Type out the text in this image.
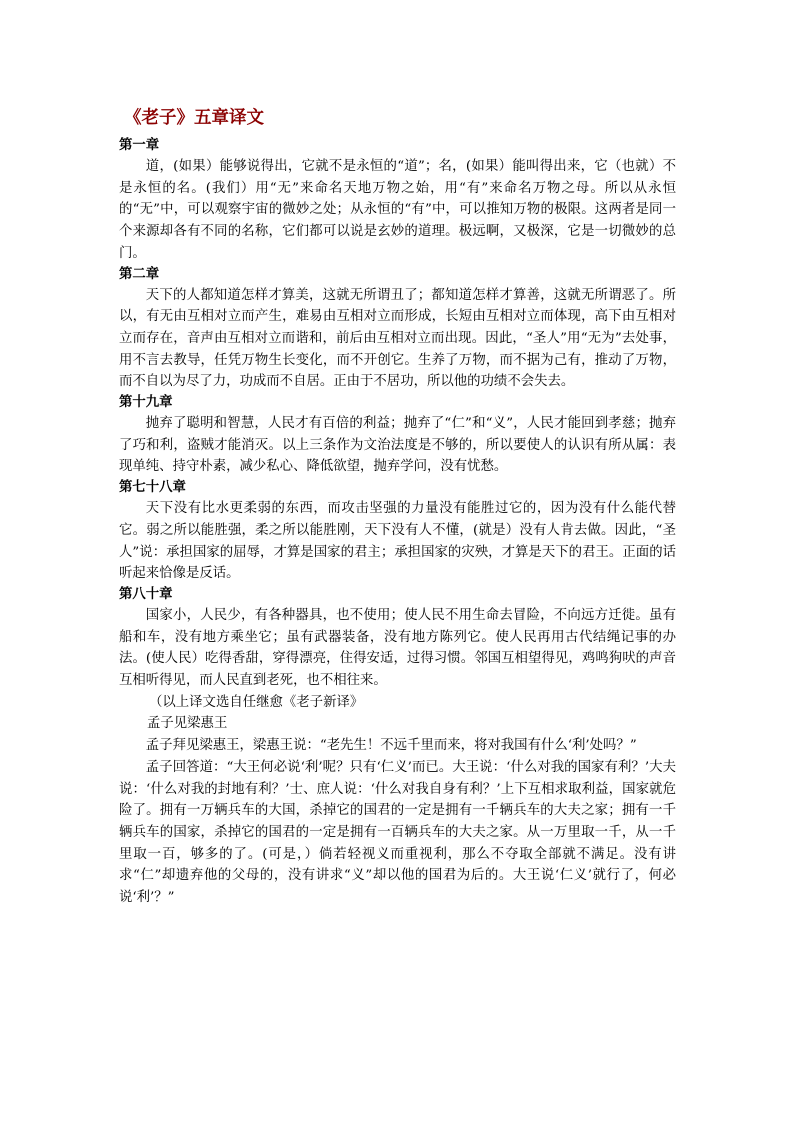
《老子》五章译文
第一章

道，(如果）能够说得出，它就不是永恒的“道”；名，(如果）能叫得出来，它（也就）不是永恒的名。(我们）用“无”来命名天地万物之始，用“有”来命名万物之母。所以从永恒的“无”中，可以观察宇宙的微妙之处；从永恒的“有”中，可以推知万物的极限。这两者是同一个来源却各有不同的名称，它们都可以说是玄妙的道理。极远啊，又极深，它是一切微妙的总门。

第二章

天下的人都知道怎样才算美，这就无所谓丑了；都知道怎样才算善，这就无所谓恶了。所以，有无由互相对立而产生，难易由互相对立而形成，长短由互相对立而体现，高下由互相对立而存在，音声由互相对立而谐和，前后由互相对立而出现。因此，“圣人”用“无为”去处事，用不言去教导，任凭万物生长变化，而不开创它。生养了万物，而不据为己有，推动了万物，而不自以为尽了力，功成而不自居。正由于不居功，所以他的功绩不会失去。

第十九章

抛弃了聪明和智慧，人民才有百倍的利益；抛弃了“仁”和“义”，人民才能回到孝慈；抛弃了巧和利，盗贼才能消灭。以上三条作为文治法度是不够的，所以要使人的认识有所从属：表现单纯、持守朴素，减少私心、降低欲望，抛弃学问，没有忧愁。

第七十八章

天下没有比水更柔弱的东西，而攻击坚强的力量没有能胜过它的，因为没有什么能代替它。弱之所以能胜强，柔之所以能胜刚，天下没有人不懂，(就是）没有人肯去做。因此，“圣人”说：承担国家的屈辱，才算是国家的君主；承担国家的灾殃，才算是天下的君王。正面的话听起来恰像是反话。

第八十章

国家小，人民少，有各种器具，也不使用；使人民不用生命去冒险，不向远方迁徙。虽有船和车，没有地方乘坐它；虽有武器装备，没有地方陈列它。使人民再用古代结绳记事的办法。(使人民）吃得香甜，穿得漂亮，住得安适，过得习惯。邻国互相望得见，鸡鸣狗吠的声音互相听得见，而人民直到老死，也不相往来。

（以上译文选自任继愈《老子新译》

孟子见梁惠王

孟子拜见梁惠王，梁惠王说：“老先生！不远千里而来，将对我国有什么‘利’处吗？”

孟子回答道：“大王何必说‘利’呢？只有‘仁义’而已。大王说：‘什么对我的国家有利？’大夫说：‘什么对我的封地有利？’士、庶人说：‘什么对我自身有利？’上下互相求取利益，国家就危险了。拥有一万辆兵车的大国，杀掉它的国君的一定是拥有一千辆兵车的大夫之家；拥有一千辆兵车的国家，杀掉它的国君的一定是拥有一百辆兵车的大夫之家。从一万里取一千，从一千里取一百，够多的了。(可是，）倘若轻视义而重视利，那么不夺取全部就不满足。没有讲求“仁”却遗弃他的父母的，没有讲求“义”却以他的国君为后的。大王说‘仁义’就行了，何必说‘利’？”
